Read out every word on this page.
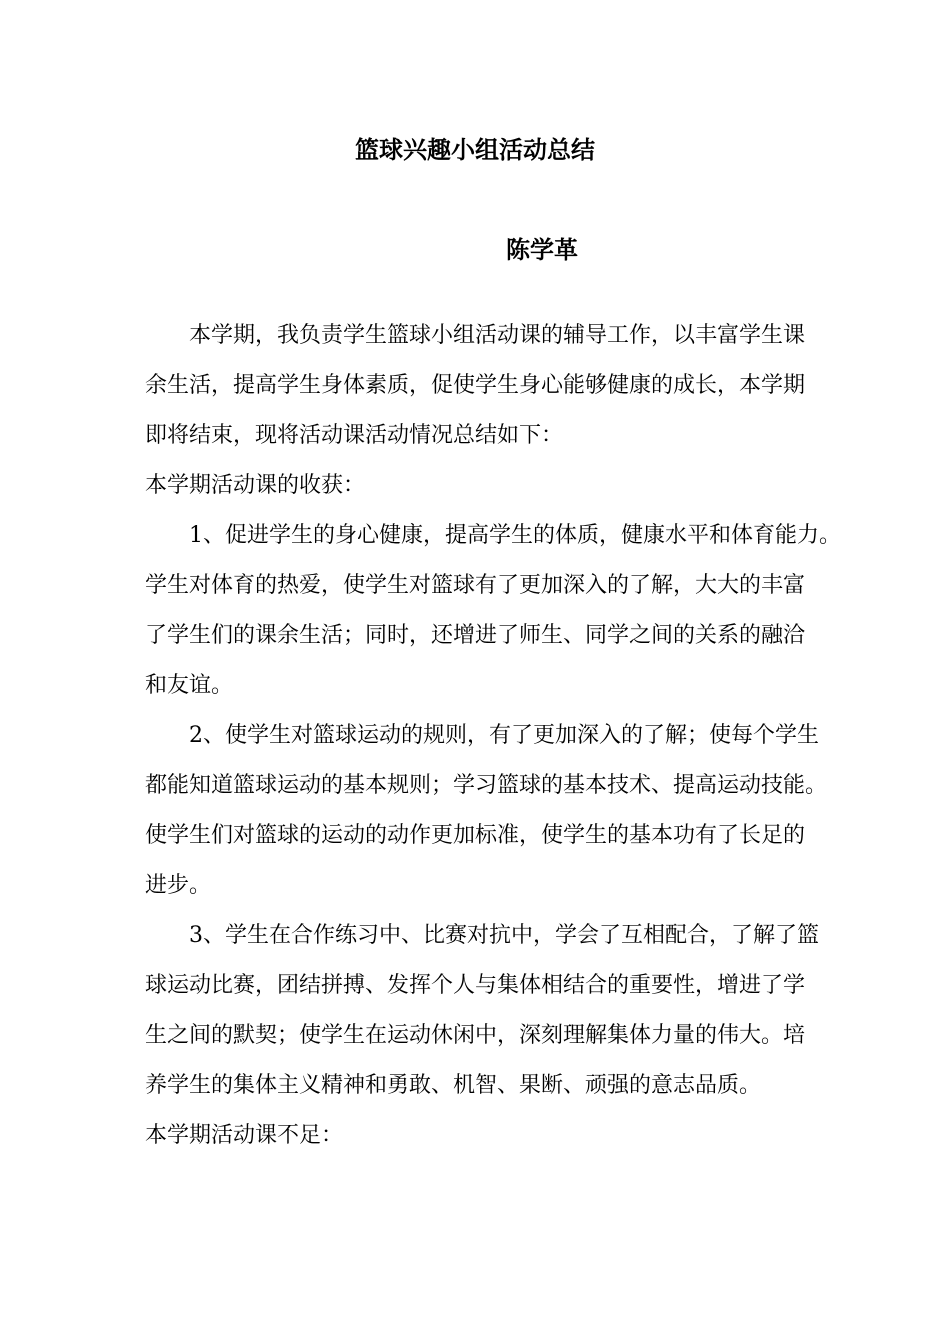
篮球兴趣小组活动总结
陈学革
本学期，我负责学生篮球小组活动课的辅导工作，以丰富学生课
余生活，提高学生身体素质，促使学生身心能够健康的成长，本学期
即将结束，现将活动课活动情况总结如下：
本学期活动课的收获：
1、促进学生的身心健康，提高学生的体质，健康水平和体育能力。
学生对体育的热爱，使学生对篮球有了更加深入的了解，大大的丰富
了学生们的课余生活；同时，还增进了师生、同学之间的关系的融洽
和友谊。
2、使学生对篮球运动的规则，有了更加深入的了解；使每个学生
都能知道篮球运动的基本规则；学习篮球的基本技术、提高运动技能。
使学生们对篮球的运动的动作更加标准，使学生的基本功有了长足的
进步。
3、学生在合作练习中、比赛对抗中，学会了互相配合，了解了篮
球运动比赛，团结拼搏、发挥个人与集体相结合的重要性，增进了学
生之间的默契；使学生在运动休闲中，深刻理解集体力量的伟大。培
养学生的集体主义精神和勇敢、机智、果断、顽强的意志品质。
本学期活动课不足：
